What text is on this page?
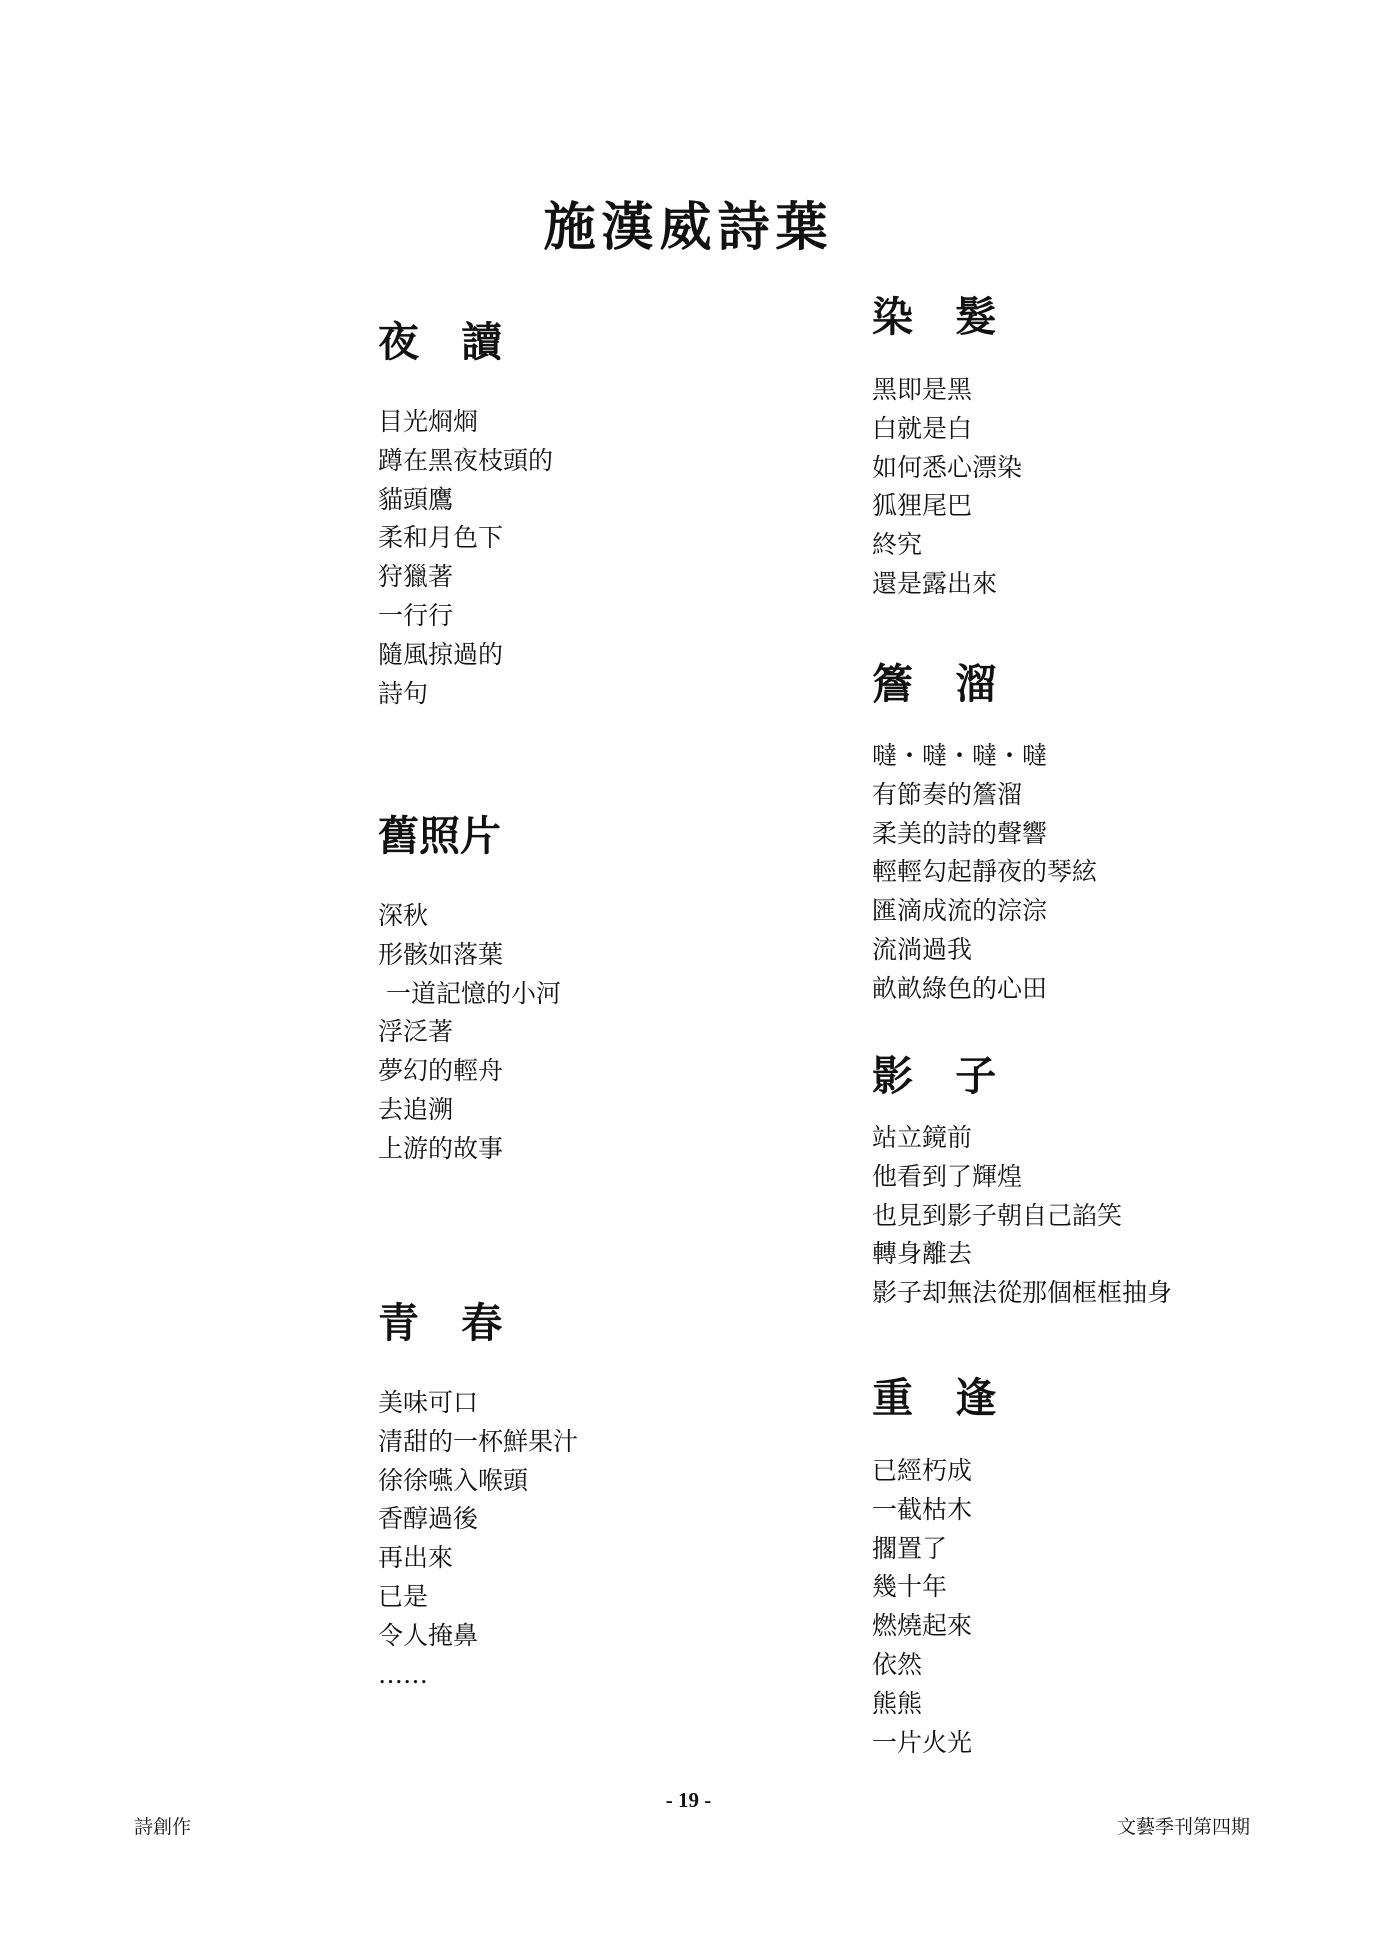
施漢威詩葉
夜 讀
目光烱烱
蹲在黑夜枝頭的
貓頭鷹
柔和月色下
狩獵著
一行行
隨風掠過的
詩句
舊照片
深秋
形骸如落葉
一道記憶的小河
浮泛著
夢幻的輕舟
去追溯
上游的故事
青 春
美味可口
清甜的一杯鮮果汁
徐徐嚥入喉頭
香醇過後
再出來
已是
令人掩鼻
……
染 髮
黑即是黑
白就是白
如何悉心漂染
狐狸尾巴
終究
還是露出來
簷 溜
噠・噠・噠・噠
有節奏的簷溜
柔美的詩的聲響
輕輕勾起靜夜的琴絃
匯滴成流的淙淙
流淌過我
畝畝綠色的心田
影 子
站立鏡前
他看到了輝煌
也見到影子朝自己諂笑
轉身離去
影子却無法從那個框框抽身
重 逢
已經朽成
一截枯木
擱置了
幾十年
燃燒起來
依然
熊熊
一片火光
詩創作
- 19 -
文藝季刊第四期
